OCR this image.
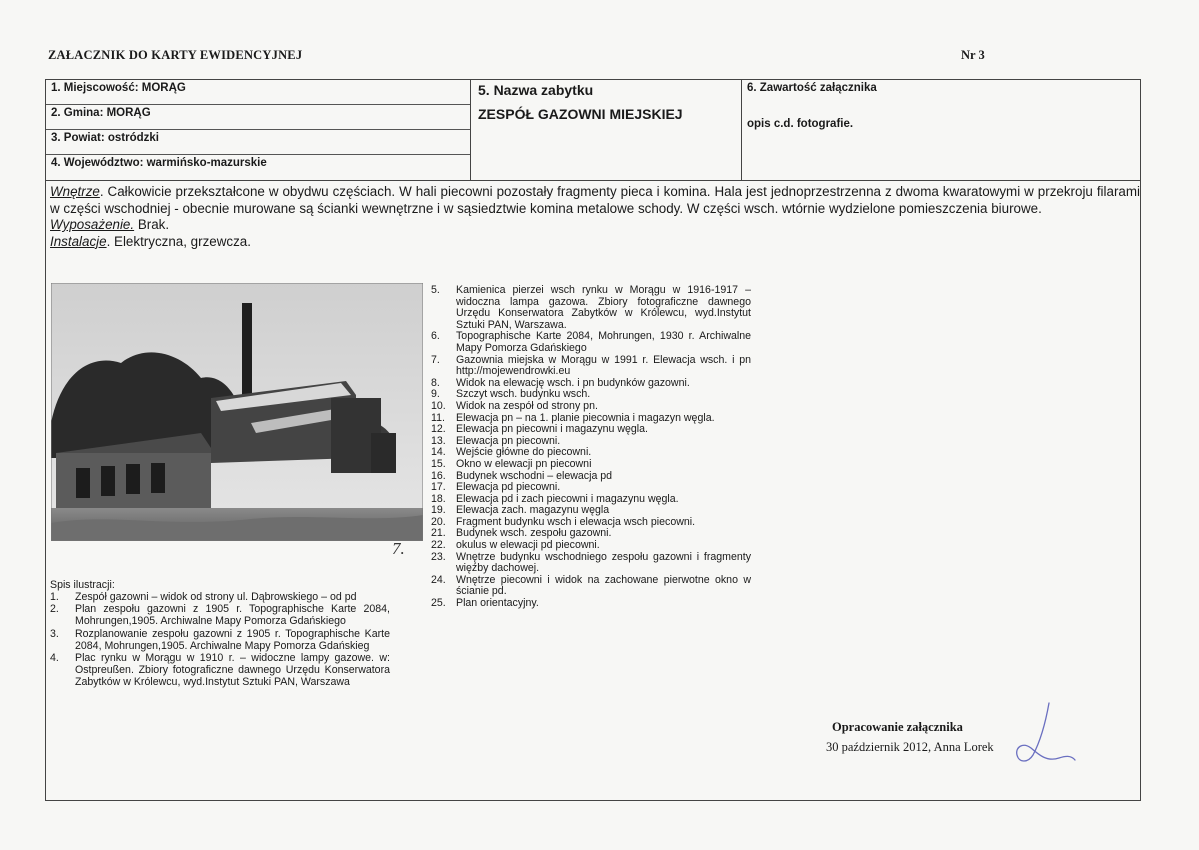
ZAŁACZNIK DO KARTY EWIDENCYJNEJ	Nr 3
1. Miejscowość: MORĄG
2. Gmina: MORĄG
3. Powiat: ostródzki
4. Województwo: warmińsko-mazurskie
5. Nazwa zabytku
ZESPÓŁ GAZOWNI MIEJSKIEJ
6. Zawartość załącznika
opis c.d. fotografie.
Wnętrze. Całkowicie przekształcone w obydwu częściach. W hali piecowni pozostały fragmenty pieca i komina. Hala jest jednoprzestrzenna z dwoma kwaratowymi w przekroju filarami w części wschodniej - obecnie murowane są ścianki wewnętrzne i w sąsiedztwie komina metalowe schody. W części wsch. wtórnie wydzielone pomieszczenia biurowe.
Wyposażenie. Brak.
Instalacje. Elektryczna, grzewcza.
7.
Spis ilustracji:
1. Zespół gazowni – widok od strony ul. Dąbrowskiego – od pd
2. Plan zespołu gazowni z 1905 r. Topographische Karte 2084, Mohrungen,1905. Archiwalne Mapy Pomorza Gdańskiego
3. Rozplanowanie zespołu gazowni z 1905 r. Topographische Karte 2084, Mohrungen,1905. Archiwalne Mapy Pomorza Gdańskieg
4. Plac rynku w Morągu w 1910 r. – widoczne lampy gazowe. w: Ostpreußen. Zbiory fotograficzne dawnego Urzędu Konserwatora Zabytków w Królewcu, wyd.Instytut Sztuki PAN, Warszawa
5. Kamienica pierzei wsch rynku w Morągu w 1916-1917 – widoczna lampa gazowa. Zbiory fotograficzne dawnego Urzędu Konserwatora Zabytków w Królewcu, wyd.Instytut Sztuki PAN, Warszawa.
6. Topographische Karte 2084, Mohrungen, 1930 r. Archiwalne Mapy Pomorza Gdańskiego
7. Gazownia miejska w Morągu w 1991 r. Elewacja wsch. i pn http://mojewendrowki.eu
8. Widok na elewację wsch. i pn budynków gazowni.
9. Szczyt wsch. budynku wsch.
10. Widok na zespół od strony pn.
11. Elewacja pn – na 1. planie piecownia i magazyn węgla.
12. Elewacja pn piecowni i magazynu węgla.
13. Elewacja pn piecowni.
14. Wejście główne do piecowni.
15. Okno w elewacji pn piecowni
16. Budynek wschodni – elewacja pd
17. Elewacja pd piecowni.
18. Elewacja pd i zach piecowni i magazynu węgla.
19. Elewacja zach. magazynu węgla
20. Fragment budynku wsch i elewacja wsch piecowni.
21. Budynek wsch. zespołu gazowni.
22. okulus w elewacji pd piecowni.
23. Wnętrze budynku wschodniego zespołu gazowni i fragmenty więźby dachowej.
24. Wnętrze piecowni i widok na zachowane pierwotne okno w ścianie pd.
25. Plan orientacyjny.
Opracowanie załącznika
30 październik 2012, Anna Lorek
